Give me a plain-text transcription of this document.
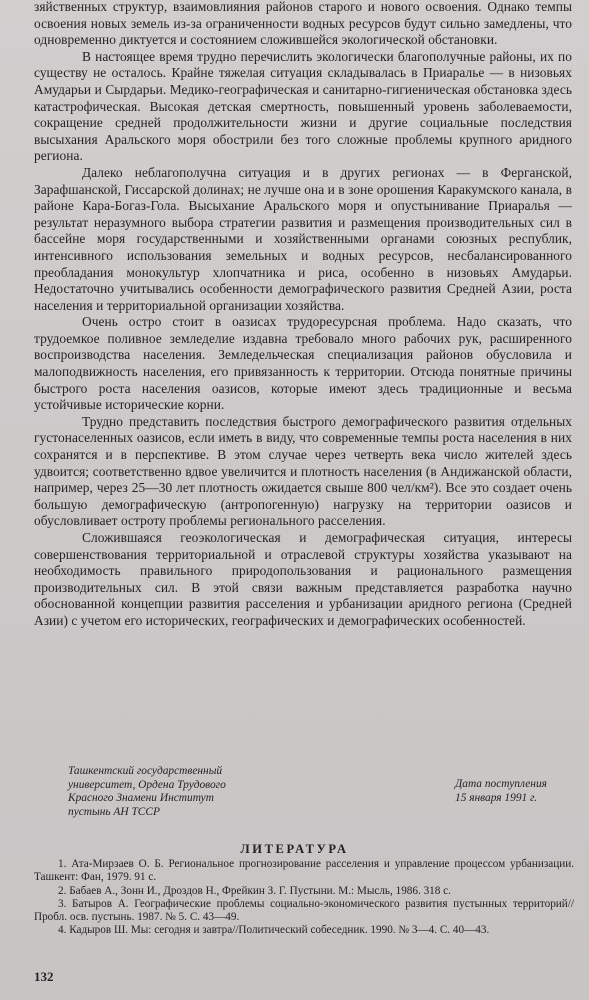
зяйственных структур, взаимовлияния районов старого и нового освоения. Однако темпы освоения новых земель из-за ограниченности водных ресурсов будут сильно замедлены, что одновременно диктуется и состоянием сложившейся экологической обстановки.

В настоящее время трудно перечислить экологически благополучные районы, их по существу не осталось. Крайне тяжелая ситуация складывалась в Приаралье — в низовьях Амударьи и Сырдарьи. Медико-географическая и санитарно-гигиеническая обстановка здесь катастрофическая. Высокая детская смертность, повышенный уровень заболеваемости, сокращение средней продолжительности жизни и другие социальные последствия высыхания Аральского моря обострили без того сложные проблемы крупного аридного региона.

Далеко неблагополучна ситуация и в других регионах — в Ферганской, Зарафшанской, Гиссарской долинах; не лучше она и в зоне орошения Каракумского канала, в районе Кара-Богаз-Гола. Высыхание Аральского моря и опустынивание Приаралья — результат неразумного выбора стратегии развития и размещения производительных сил в бассейне моря государственными и хозяйственными органами союзных республик, интенсивного использования земельных и водных ресурсов, несбалансированного преобладания монокультур хлопчатника и риса, особенно в низовьях Амударьи. Недостаточно учитывались особенности демографического развития Средней Азии, роста населения и территориальной организации хозяйства.

Очень остро стоит в оазисах трудоресурсная проблема. Надо сказать, что трудоемкое поливное земледелие издавна требовало много рабочих рук, расширенного воспроизводства населения. Земледельческая специализация районов обусловила и малоподвижность населения, его привязанность к территории. Отсюда понятные причины быстрого роста населения оазисов, которые имеют здесь традиционные и весьма устойчивые исторические корни.

Трудно представить последствия быстрого демографического развития отдельных густонаселенных оазисов, если иметь в виду, что современные темпы роста населения в них сохранятся и в перспективе. В этом случае через четверть века число жителей здесь удвоится; соответственно вдвое увеличится и плотность населения (в Андижанской области, например, через 25—30 лет плотность ожидается свыше 800 чел/км²). Все это создает очень большую демографическую (антропогенную) нагрузку на территории оазисов и обусловливает остроту проблемы регионального расселения.

Сложившаяся геоэкологическая и демографическая ситуация, интересы совершенствования территориальной и отраслевой структуры хозяйства указывают на необходимость правильного природопользования и рационального размещения производительных сил. В этой связи важным представляется разработка научно обоснованной концепции развития расселения и урбанизации аридного региона (Средней Азии) с учетом его исторических, географических и демографических особенностей.

Ташкентский государственный
университет, Ордена Трудового
Красного Знамени Институт
пустынь АН ТССР
Дата поступления
15 января 1991 г.
ЛИТЕРАТУРА

1. Ата-Мирзаев О. Б. Региональное прогнозирование расселения и управление процессом урбанизации. Ташкент: Фан, 1979. 91 с.

2. Бабаев А., Зонн И., Дроздов Н., Фрейкин З. Г. Пустыни. М.: Мысль, 1986. 318 с.

3. Батыров А. Географические проблемы социально-экономического развития пустынных территорий//Пробл. осв. пустынь. 1987. № 5. С. 43—49.

4. Кадыров Ш. Мы: сегодня и завтра//Политический собеседник. 1990. № 3—4. С. 40—43.

132
